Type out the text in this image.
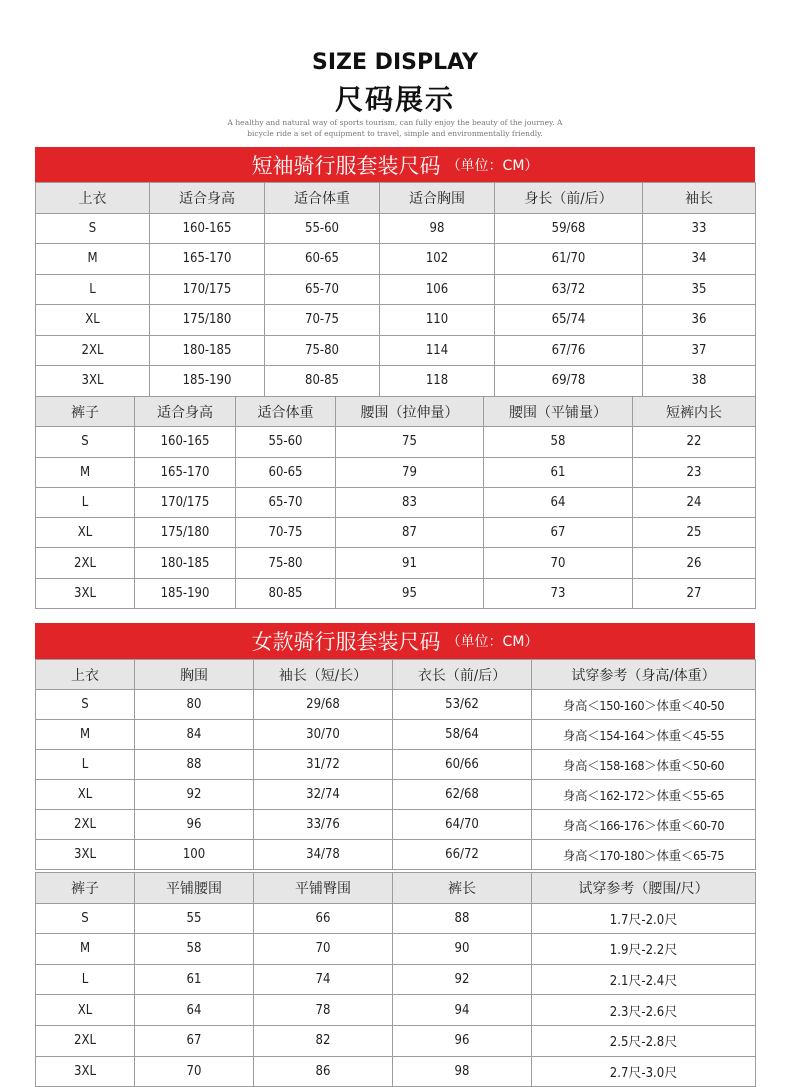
SIZE DISPLAY
尺码展示
A healthy and natural way of sports tourism, can fully enjoy the beauty of the journey. A
bicycle ride a set of equipment to travel, simple and environmentally friendly.
短袖骑行服套装尺码 （单位：CM）
上衣	适合身高	适合体重	适合胸围	身长（前/后）	袖长
S	160-165	55-60	98	59/68	33
M	165-170	60-65	102	61/70	34
L	170/175	65-70	106	63/72	35
XL	175/180	70-75	110	65/74	36
2XL	180-185	75-80	114	67/76	37
3XL	185-190	80-85	118	69/78	38
裤子	适合身高	适合体重	腰围（拉伸量）	腰围（平铺量）	短裤内长
S	160-165	55-60	75	58	22
M	165-170	60-65	79	61	23
L	170/175	65-70	83	64	24
XL	175/180	70-75	87	67	25
2XL	180-185	75-80	91	70	26
3XL	185-190	80-85	95	73	27
女款骑行服套装尺码 （单位：CM）
上衣	胸围	袖长（短/长）	衣长（前/后）	试穿参考（身高/体重）
S	80	29/68	53/62	身高＜150-160＞体重＜40-50
M	84	30/70	58/64	身高＜154-164＞体重＜45-55
L	88	31/72	60/66	身高＜158-168＞体重＜50-60
XL	92	32/74	62/68	身高＜162-172＞体重＜55-65
2XL	96	33/76	64/70	身高＜166-176＞体重＜60-70
3XL	100	34/78	66/72	身高＜170-180＞体重＜65-75
裤子	平铺腰围	平铺臀围	裤长	试穿参考（腰围/尺）
S	55	66	88	1.7尺-2.0尺
M	58	70	90	1.9尺-2.2尺
L	61	74	92	2.1尺-2.4尺
XL	64	78	94	2.3尺-2.6尺
2XL	67	82	96	2.5尺-2.8尺
3XL	70	86	98	2.7尺-3.0尺
